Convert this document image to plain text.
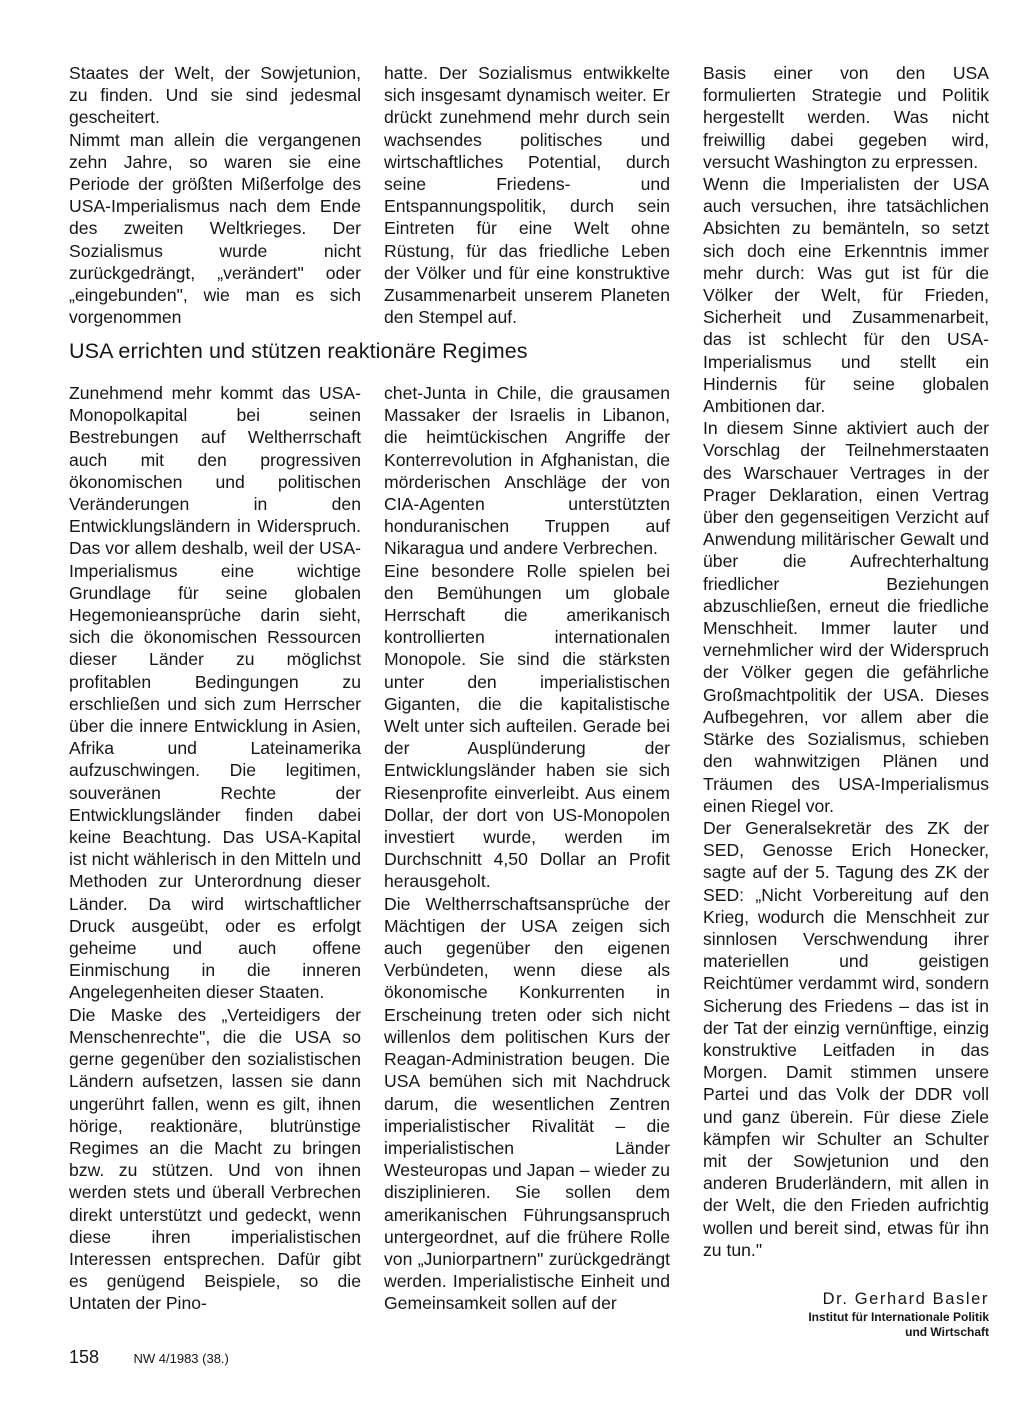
Staates der Welt, der Sowjetunion, zu finden. Und sie sind jedesmal gescheitert.

Nimmt man allein die vergangenen zehn Jahre, so waren sie eine Periode der größten Mißerfolge des USA-Imperialismus nach dem Ende des zweiten Weltkrieges. Der Sozialismus wurde nicht zurückgedrängt, „verändert" oder „eingebunden", wie man es sich vorgenommen

hatte. Der Sozialismus entwikkelte sich insgesamt dynamisch weiter. Er drückt zunehmend mehr durch sein wachsendes politisches und wirtschaftliches Potential, durch seine Friedens- und Entspannungspolitik, durch sein Eintreten für eine Welt ohne Rüstung, für das friedliche Leben der Völker und für eine konstruktive Zusammenarbeit unserem Planeten den Stempel auf.

USA errichten und stützen reaktionäre Regimes

Zunehmend mehr kommt das USA-Monopolkapital bei seinen Bestrebungen auf Weltherrschaft auch mit den progressiven ökonomischen und politischen Veränderungen in den Entwicklungsländern in Widerspruch. Das vor allem deshalb, weil der USA-Imperialismus eine wichtige Grundlage für seine globalen Hegemonieansprüche darin sieht, sich die ökonomischen Ressourcen dieser Länder zu möglichst profitablen Bedingungen zu erschließen und sich zum Herrscher über die innere Entwicklung in Asien, Afrika und Lateinamerika aufzuschwingen. Die legitimen, souveränen Rechte der Entwicklungsländer finden dabei keine Beachtung. Das USA-Kapital ist nicht wählerisch in den Mitteln und Methoden zur Unterordnung dieser Länder. Da wird wirtschaftlicher Druck ausgeübt, oder es erfolgt geheime und auch offene Einmischung in die inneren Angelegenheiten dieser Staaten.

Die Maske des „Verteidigers der Menschenrechte", die die USA so gerne gegenüber den sozialistischen Ländern aufsetzen, lassen sie dann ungerührt fallen, wenn es gilt, ihnen hörige, reaktionäre, blutrünstige Regimes an die Macht zu bringen bzw. zu stützen. Und von ihnen werden stets und überall Verbrechen direkt unterstützt und gedeckt, wenn diese ihren imperialistischen Interessen entsprechen. Dafür gibt es genügend Beispiele, so die Untaten der Pino-

chet-Junta in Chile, die grausamen Massaker der Israelis in Libanon, die heimtückischen Angriffe der Konterrevolution in Afghanistan, die mörderischen Anschläge der von CIA-Agenten unterstützten honduranischen Truppen auf Nikaragua und andere Verbrechen.

Eine besondere Rolle spielen bei den Bemühungen um globale Herrschaft die amerikanisch kontrollierten internationalen Monopole. Sie sind die stärksten unter den imperialistischen Giganten, die die kapitalistische Welt unter sich aufteilen. Gerade bei der Ausplünderung der Entwicklungsländer haben sie sich Riesenprofite einverleibt. Aus einem Dollar, der dort von US-Monopolen investiert wurde, werden im Durchschnitt 4,50 Dollar an Profit herausgeholt.

Die Weltherrschaftsansprüche der Mächtigen der USA zeigen sich auch gegenüber den eigenen Verbündeten, wenn diese als ökonomische Konkurrenten in Erscheinung treten oder sich nicht willenlos dem politischen Kurs der Reagan-Administration beugen. Die USA bemühen sich mit Nachdruck darum, die wesentlichen Zentren imperialistischer Rivalität – die imperialistischen Länder Westeuropas und Japan – wieder zu disziplinieren. Sie sollen dem amerikanischen Führungsanspruch untergeordnet, auf die frühere Rolle von „Juniorpartnern" zurückgedrängt werden. Imperialistische Einheit und Gemeinsamkeit sollen auf der

Basis einer von den USA formulierten Strategie und Politik hergestellt werden. Was nicht freiwillig dabei gegeben wird, versucht Washington zu erpressen.

Wenn die Imperialisten der USA auch versuchen, ihre tatsächlichen Absichten zu bemänteln, so setzt sich doch eine Erkenntnis immer mehr durch: Was gut ist für die Völker der Welt, für Frieden, Sicherheit und Zusammenarbeit, das ist schlecht für den USA-Imperialismus und stellt ein Hindernis für seine globalen Ambitionen dar.

In diesem Sinne aktiviert auch der Vorschlag der Teilnehmerstaaten des Warschauer Vertrages in der Prager Deklaration, einen Vertrag über den gegenseitigen Verzicht auf Anwendung militärischer Gewalt und über die Aufrechterhaltung friedlicher Beziehungen abzuschließen, erneut die friedliche Menschheit. Immer lauter und vernehmlicher wird der Widerspruch der Völker gegen die gefährliche Großmachtpolitik der USA. Dieses Aufbegehren, vor allem aber die Stärke des Sozialismus, schieben den wahnwitzigen Plänen und Träumen des USA-Imperialismus einen Riegel vor.

Der Generalsekretär des ZK der SED, Genosse Erich Honecker, sagte auf der 5. Tagung des ZK der SED: „Nicht Vorbereitung auf den Krieg, wodurch die Menschheit zur sinnlosen Verschwendung ihrer materiellen und geistigen Reichtümer verdammt wird, sondern Sicherung des Friedens – das ist in der Tat der einzig vernünftige, einzig konstruktive Leitfaden in das Morgen. Damit stimmen unsere Partei und das Volk der DDR voll und ganz überein. Für diese Ziele kämpfen wir Schulter an Schulter mit der Sowjetunion und den anderen Bruderländern, mit allen in der Welt, die den Frieden aufrichtig wollen und bereit sind, etwas für ihn zu tun."

Dr. Gerhard Basler
Institut für Internationale Politik
und Wirtschaft
158	NW 4/1983 (38.)
